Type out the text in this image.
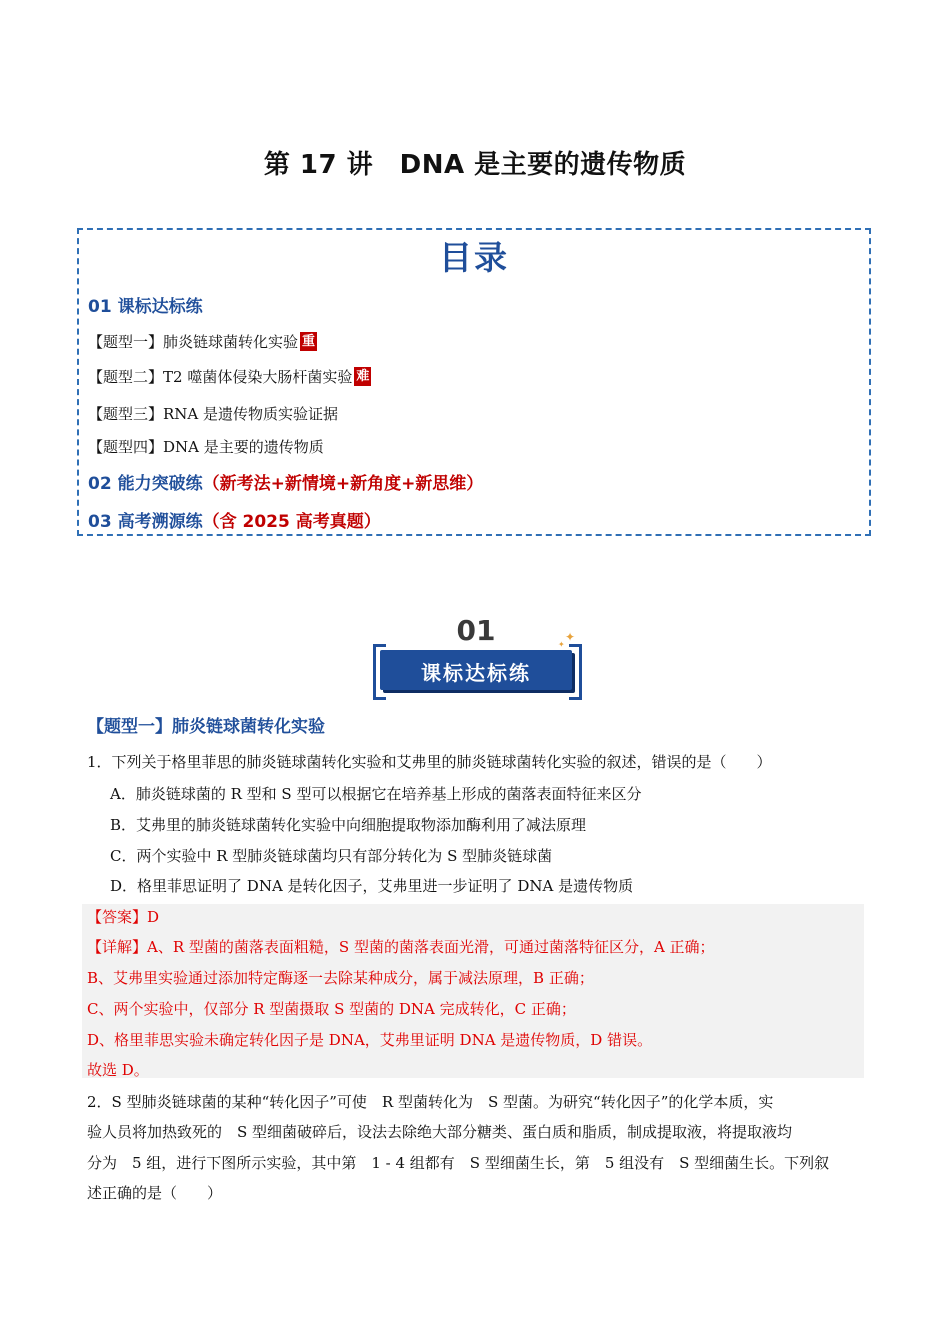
第 17 讲　DNA 是主要的遗传物质
目录
01 课标达标练
【题型一】肺炎链球菌转化实验 重
【题型二】T2 噬菌体侵染大肠杆菌实验 难
【题型三】RNA 是遗传物质实验证据
【题型四】DNA 是主要的遗传物质
02 能力突破练（新考法+新情境+新角度+新思维）
03 高考溯源练（含 2025 高考真题）
01
课标达标练
✦
✦
【题型一】肺炎链球菌转化实验
1．下列关于格里菲思的肺炎链球菌转化实验和艾弗里的肺炎链球菌转化实验的叙述，错误的是（　　）
A．肺炎链球菌的 R 型和 S 型可以根据它在培养基上形成的菌落表面特征来区分
B．艾弗里的肺炎链球菌转化实验中向细胞提取物添加酶利用了减法原理
C．两个实验中 R 型肺炎链球菌均只有部分转化为 S 型肺炎链球菌
D．格里菲思证明了 DNA 是转化因子，艾弗里进一步证明了 DNA 是遗传物质
【答案】D
【详解】A、R 型菌的菌落表面粗糙，S 型菌的菌落表面光滑，可通过菌落特征区分，A 正确；
B、艾弗里实验通过添加特定酶逐一去除某种成分，属于减法原理，B 正确；
C、两个实验中，仅部分 R 型菌摄取 S 型菌的 DNA 完成转化，C 正确；
D、格里菲思实验未确定转化因子是 DNA，艾弗里证明 DNA 是遗传物质，D 错误。
故选 D。
2．S 型肺炎链球菌的某种“转化因子”可使　R 型菌转化为　S 型菌。为研究“转化因子”的化学本质，实
验人员将加热致死的　S 型细菌破碎后，设法去除绝大部分糖类、蛋白质和脂质，制成提取液，将提取液均
分为　5 组，进行下图所示实验，其中第　1 - 4 组都有　S 型细菌生长，第　5 组没有　S 型细菌生长。下列叙
述正确的是（　　）
